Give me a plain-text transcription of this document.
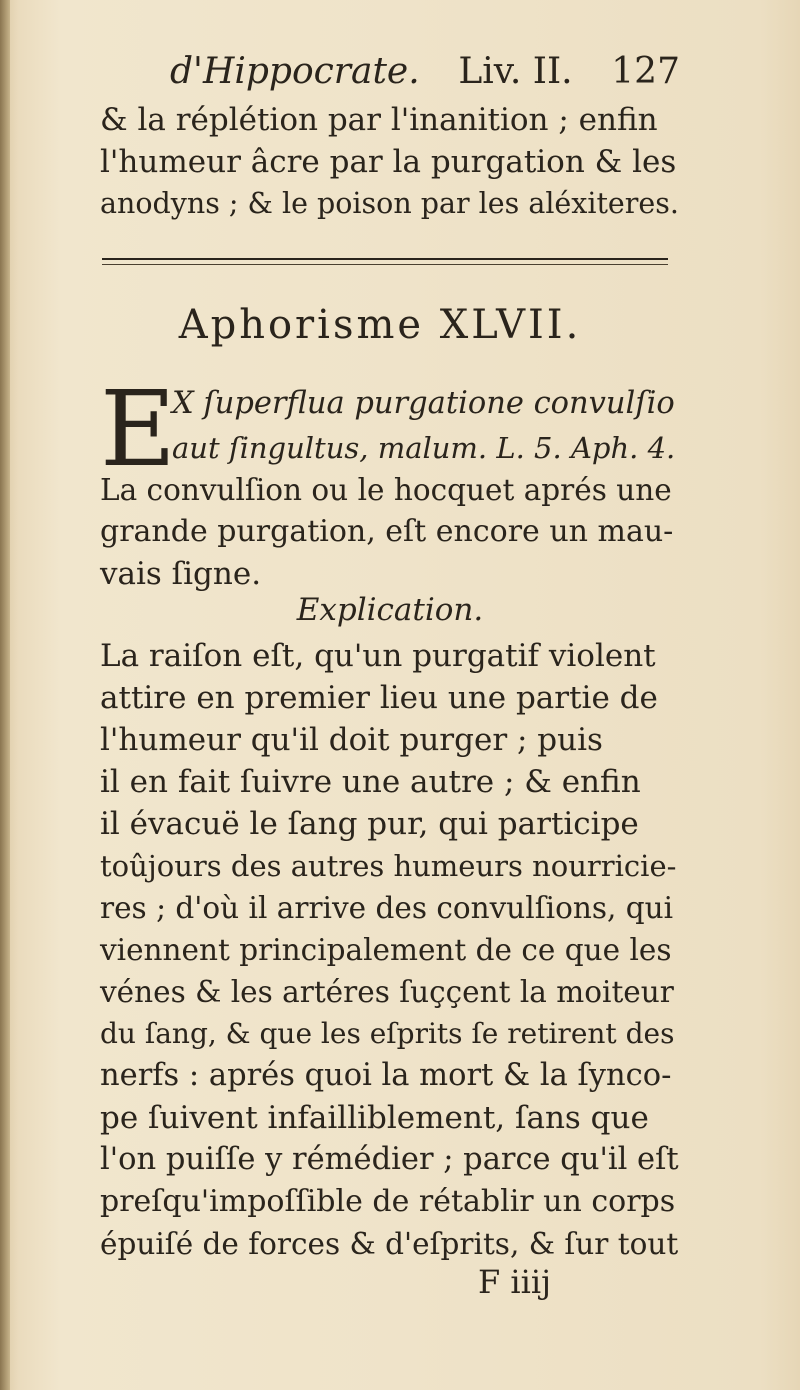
d'Hippocrate. Liv. II. 127
& la réplétion par l'inanition ; enfin
l'humeur âcre par la purgation & les
anodyns ; & le poison par les aléxiteres.
Aphorisme XLVII.
E
X ſuperflua purgatione convulſio
aut ſingultus, malum. L. 5. Aph. 4.
La convulſion ou le hocquet aprés une
grande purgation, eſt encore un mau-
vais ſigne.
Explication.
La raiſon eſt, qu'un purgatif violent
attire en premier lieu une partie de
l'humeur qu'il doit purger ; puis
il en fait ſuivre une autre ; & enfin
il évacuë le ſang pur, qui participe
toûjours des autres humeurs nourricie-
res ; d'où il arrive des convulſions, qui
viennent principalement de ce que les
vénes & les artéres ſuççent la moiteur
du ſang, & que les eſprits ſe retirent des
nerfs : aprés quoi la mort & la ſynco-
pe ſuivent infailliblement, ſans que
l'on puiſſe y rémédier ; parce qu'il eſt
preſqu'impoſſible de rétablir un corps
épuiſé de forces & d'eſprits, & ſur tout
F iiij
